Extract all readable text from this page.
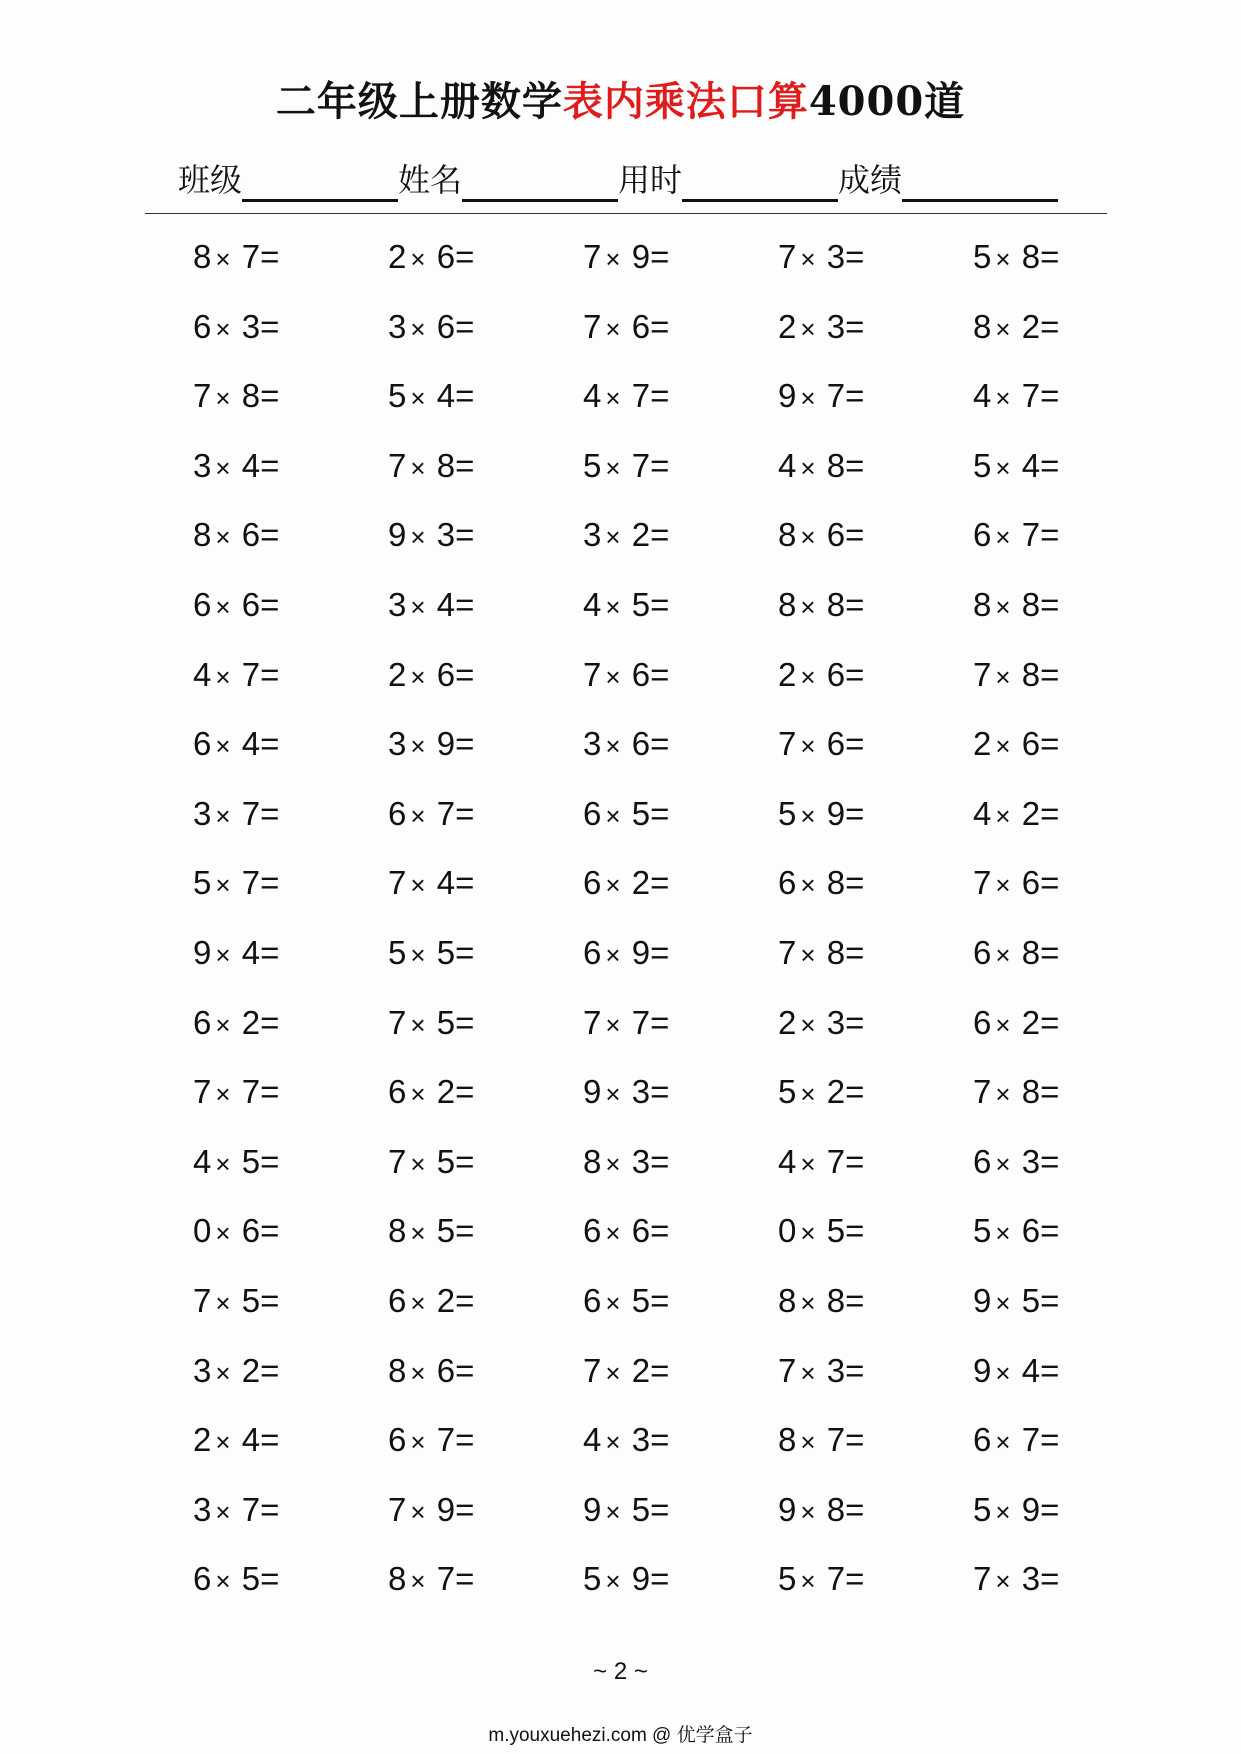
二年级上册数学表内乘法口算4000道
班级	姓名	用时	成绩
8 × 7=	2 × 6=	7 × 9=	7 × 3=	5 × 8=
6 × 3=	3 × 6=	7 × 6=	2 × 3=	8 × 2=
7 × 8=	5 × 4=	4 × 7=	9 × 7=	4 × 7=
3 × 4=	7 × 8=	5 × 7=	4 × 8=	5 × 4=
8 × 6=	9 × 3=	3 × 2=	8 × 6=	6 × 7=
6 × 6=	3 × 4=	4 × 5=	8 × 8=	8 × 8=
4 × 7=	2 × 6=	7 × 6=	2 × 6=	7 × 8=
6 × 4=	3 × 9=	3 × 6=	7 × 6=	2 × 6=
3 × 7=	6 × 7=	6 × 5=	5 × 9=	4 × 2=
5 × 7=	7 × 4=	6 × 2=	6 × 8=	7 × 6=
9 × 4=	5 × 5=	6 × 9=	7 × 8=	6 × 8=
6 × 2=	7 × 5=	7 × 7=	2 × 3=	6 × 2=
7 × 7=	6 × 2=	9 × 3=	5 × 2=	7 × 8=
4 × 5=	7 × 5=	8 × 3=	4 × 7=	6 × 3=
0 × 6=	8 × 5=	6 × 6=	0 × 5=	5 × 6=
7 × 5=	6 × 2=	6 × 5=	8 × 8=	9 × 5=
3 × 2=	8 × 6=	7 × 2=	7 × 3=	9 × 4=
2 × 4=	6 × 7=	4 × 3=	8 × 7=	6 × 7=
3 × 7=	7 × 9=	9 × 5=	9 × 8=	5 × 9=
6 × 5=	8 × 7=	5 × 9=	5 × 7=	7 × 3=
~ 2 ~
m.youxuehezi.com @ 优学盒子
